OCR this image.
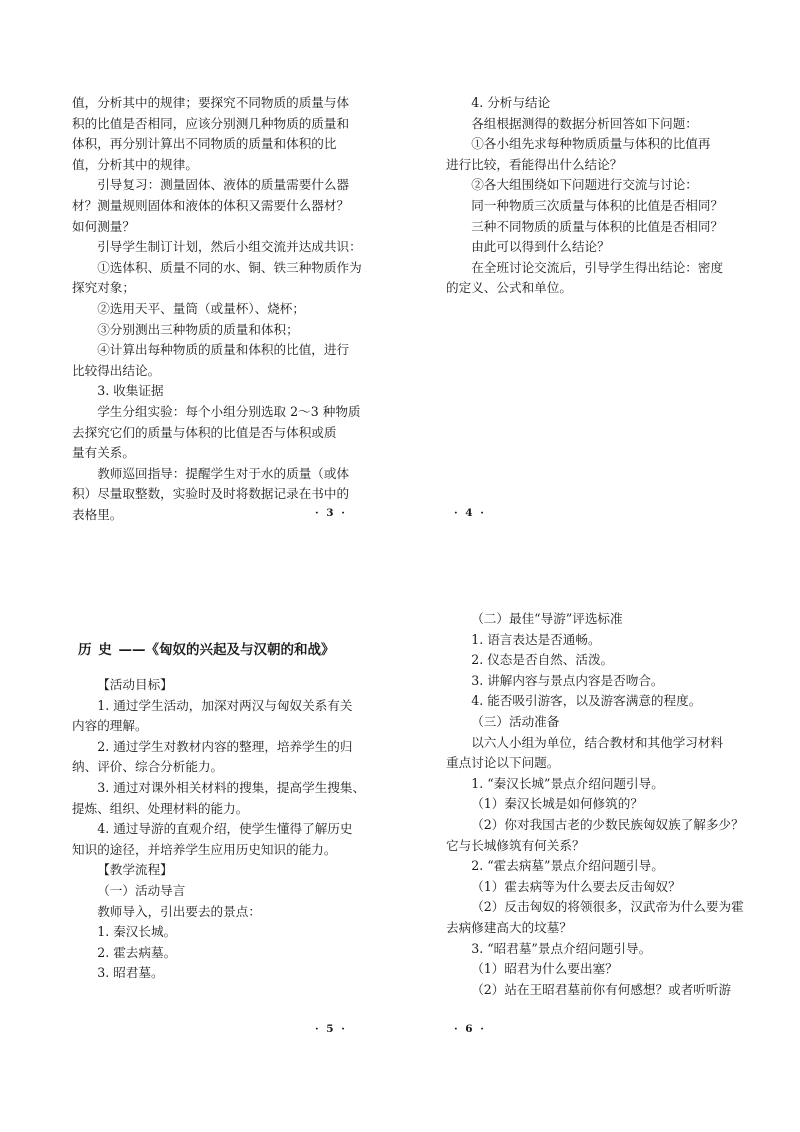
值，分析其中的规律；要探究不同物质的质量与体

积的比值是否相同，应该分别测几种物质的质量和

体积，再分别计算出不同物质的质量和体积的比

值，分析其中的规律。

引导复习：测量固体、液体的质量需要什么器

材？测量规则固体和液体的体积又需要什么器材？

如何测量？

引导学生制订计划，然后小组交流并达成共识：

①选体积、质量不同的水、铜、铁三种物质作为

探究对象；

②选用天平、量筒（或量杯）、烧杯；

③分别测出三种物质的质量和体积；

④计算出每种物质的质量和体积的比值，进行

比较得出结论。

3. 收集证据

学生分组实验：每个小组分别选取 2～3 种物质

去探究它们的质量与体积的比值是否与体积或质

量有关系。

教师巡回指导：提醒学生对于水的质量（或体

积）尽量取整数，实验时及时将数据记录在书中的

表格里。	· 3 ·

4. 分析与结论

各组根据测得的数据分析回答如下问题：

①各小组先求每种物质质量与体积的比值再

进行比较，看能得出什么结论？

②各大组围绕如下问题进行交流与讨论：

同一种物质三次质量与体积的比值是否相同？

三种不同物质的质量与体积的比值是否相同？

由此可以得到什么结论？

在全班讨论交流后，引导学生得出结论：密度

的定义、公式和单位。

· 4 ·
历史——《匈奴的兴起及与汉朝的和战》

【活动目标】

1. 通过学生活动，加深对两汉与匈奴关系有关

内容的理解。

2. 通过学生对教材内容的整理，培养学生的归

纳、评价、综合分析能力。

3. 通过对课外相关材料的搜集，提高学生搜集、

提炼、组织、处理材料的能力。

4. 通过导游的直观介绍，使学生懂得了解历史

知识的途径，并培养学生应用历史知识的能力。

【教学流程】

（一）活动导言

教师导入，引出要去的景点：

1. 秦汉长城。

2. 霍去病墓。

3. 昭君墓。

· 5 ·

（二）最佳“导游”评选标准

1. 语言表达是否通畅。

2. 仪态是否自然、活泼。

3. 讲解内容与景点内容是否吻合。

4. 能否吸引游客，以及游客满意的程度。

（三）活动准备

以六人小组为单位，结合教材和其他学习材料

重点讨论以下问题。

1. “秦汉长城”景点介绍问题引导。

（1）秦汉长城是如何修筑的？

（2）你对我国古老的少数民族匈奴族了解多少？

它与长城修筑有何关系？

2. “霍去病墓”景点介绍问题引导。

（1）霍去病等为什么要去反击匈奴？

（2）反击匈奴的将领很多，汉武帝为什么要为霍

去病修建高大的坟墓？

3. “昭君墓”景点介绍问题引导。

（1）昭君为什么要出塞？

（2）站在王昭君墓前你有何感想？或者听听游

· 6 ·
